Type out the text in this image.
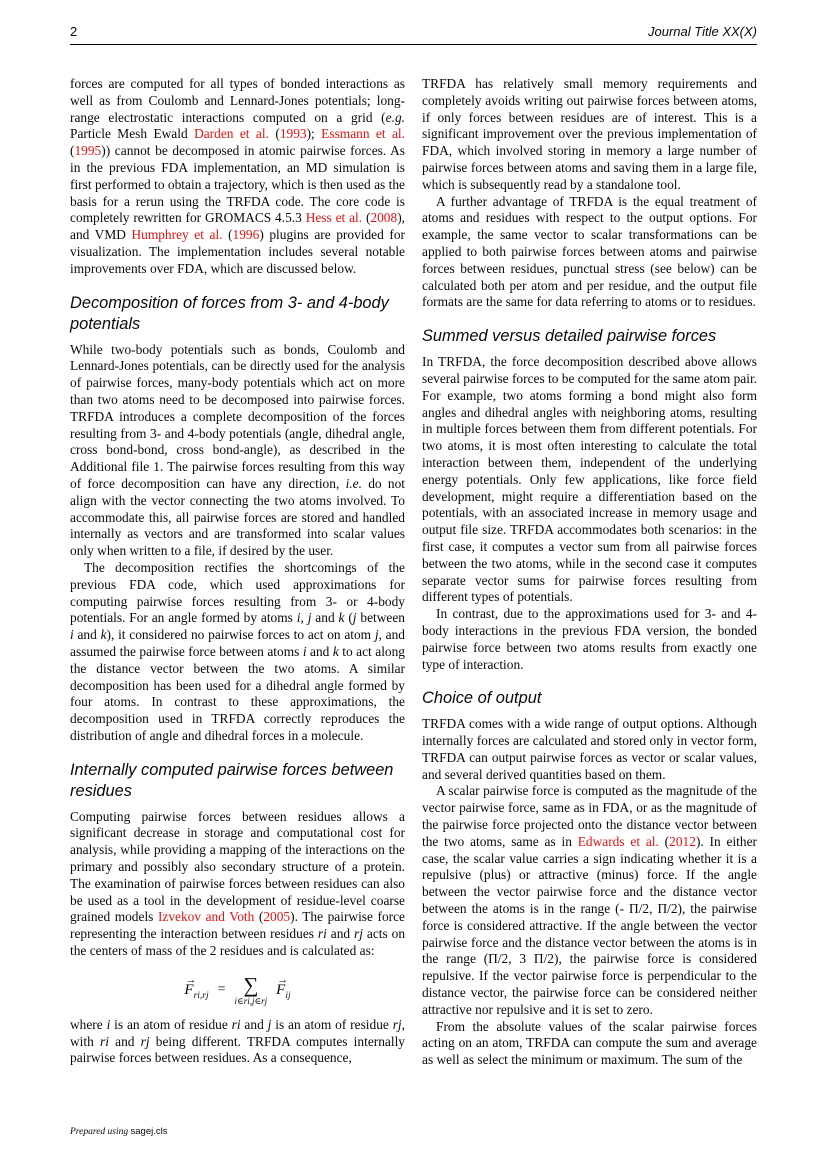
2	Journal Title XX(X)

forces are computed for all types of bonded interactions as well as from Coulomb and Lennard-Jones potentials; long-range electrostatic interactions computed on a grid (e.g. Particle Mesh Ewald Darden et al. (1993); Essmann et al. (1995)) cannot be decomposed in atomic pairwise forces. As in the previous FDA implementation, an MD simulation is first performed to obtain a trajectory, which is then used as the basis for a rerun using the TRFDA code. The core code is completely rewritten for GROMACS 4.5.3 Hess et al. (2008), and VMD Humphrey et al. (1996) plugins are provided for visualization. The implementation includes several notable improvements over FDA, which are discussed below.

Decomposition of forces from 3- and 4-body potentials

While two-body potentials such as bonds, Coulomb and Lennard-Jones potentials, can be directly used for the analysis of pairwise forces, many-body potentials which act on more than two atoms need to be decomposed into pairwise forces. TRFDA introduces a complete decomposition of the forces resulting from 3- and 4-body potentials (angle, dihedral angle, cross bond-bond, cross bond-angle), as described in the Additional file 1. The pairwise forces resulting from this way of force decomposition can have any direction, i.e. do not align with the vector connecting the two atoms involved. To accommodate this, all pairwise forces are stored and handled internally as vectors and are transformed into scalar values only when written to a file, if desired by the user.

The decomposition rectifies the shortcomings of the previous FDA code, which used approximations for computing pairwise forces resulting from 3- or 4-body potentials. For an angle formed by atoms i, j and k (j between i and k), it considered no pairwise forces to act on atom j, and assumed the pairwise force between atoms i and k to act along the distance vector between the two atoms. A similar decomposition has been used for a dihedral angle formed by four atoms. In contrast to these approximations, the decomposition used in TRFDA correctly reproduces the distribution of angle and dihedral forces in a molecule.

Internally computed pairwise forces between residues

Computing pairwise forces between residues allows a significant decrease in storage and computational cost for analysis, while providing a mapping of the interactions on the primary and possibly also secondary structure of a protein. The examination of pairwise forces between residues can also be used as a tool in the development of residue-level coarse grained models Izvekov and Voth (2005). The pairwise force representing the interaction between residues ri and rj acts on the centers of mass of the 2 residues and is calculated as:

→
$F_{ri,rj}$ = ∑
i∈ri,j∈rj
→
$F_{ij}$

where i is an atom of residue ri and j is an atom of residue rj, with ri and rj being different. TRFDA computes internally pairwise forces between residues. As a consequence,

TRFDA has relatively small memory requirements and completely avoids writing out pairwise forces between atoms, if only forces between residues are of interest. This is a significant improvement over the previous implementation of FDA, which involved storing in memory a large number of pairwise forces between atoms and saving them in a large file, which is subsequently read by a standalone tool.

A further advantage of TRFDA is the equal treatment of atoms and residues with respect to the output options. For example, the same vector to scalar transformations can be applied to both pairwise forces between atoms and pairwise forces between residues, punctual stress (see below) can be calculated both per atom and per residue, and the output file formats are the same for data referring to atoms or to residues.

Summed versus detailed pairwise forces

In TRFDA, the force decomposition described above allows several pairwise forces to be computed for the same atom pair. For example, two atoms forming a bond might also form angles and dihedral angles with neighboring atoms, resulting in multiple forces between them from different potentials. For two atoms, it is most often interesting to calculate the total interaction between them, independent of the underlying energy potentials. Only few applications, like force field development, might require a differentiation based on the potentials, with an associated increase in memory usage and output file size. TRFDA accommodates both scenarios: in the first case, it computes a vector sum from all pairwise forces between the two atoms, while in the second case it computes separate vector sums for pairwise forces resulting from different types of potentials.

In contrast, due to the approximations used for 3- and 4-body interactions in the previous FDA version, the bonded pairwise force between two atoms results from exactly one type of interaction.

Choice of output

TRFDA comes with a wide range of output options. Although internally forces are calculated and stored only in vector form, TRFDA can output pairwise forces as vector or scalar values, and several derived quantities based on them.

A scalar pairwise force is computed as the magnitude of the vector pairwise force, same as in FDA, or as the magnitude of the pairwise force projected onto the distance vector between the two atoms, same as in Edwards et al. (2012). In either case, the scalar value carries a sign indicating whether it is a repulsive (plus) or attractive (minus) force. If the angle between the vector pairwise force and the distance vector between the atoms is in the range (- Π/2, Π/2), the pairwise force is considered attractive. If the angle between the vector pairwise force and the distance vector between the atoms is in the range (Π/2, 3 Π/2), the pairwise force is considered repulsive. If the vector pairwise force is perpendicular to the distance vector, the pairwise force can be considered neither attractive nor repulsive and it is set to zero.

From the absolute values of the scalar pairwise forces acting on an atom, TRFDA can compute the sum and average as well as select the minimum or maximum. The sum of the

Prepared using sagej.cls
